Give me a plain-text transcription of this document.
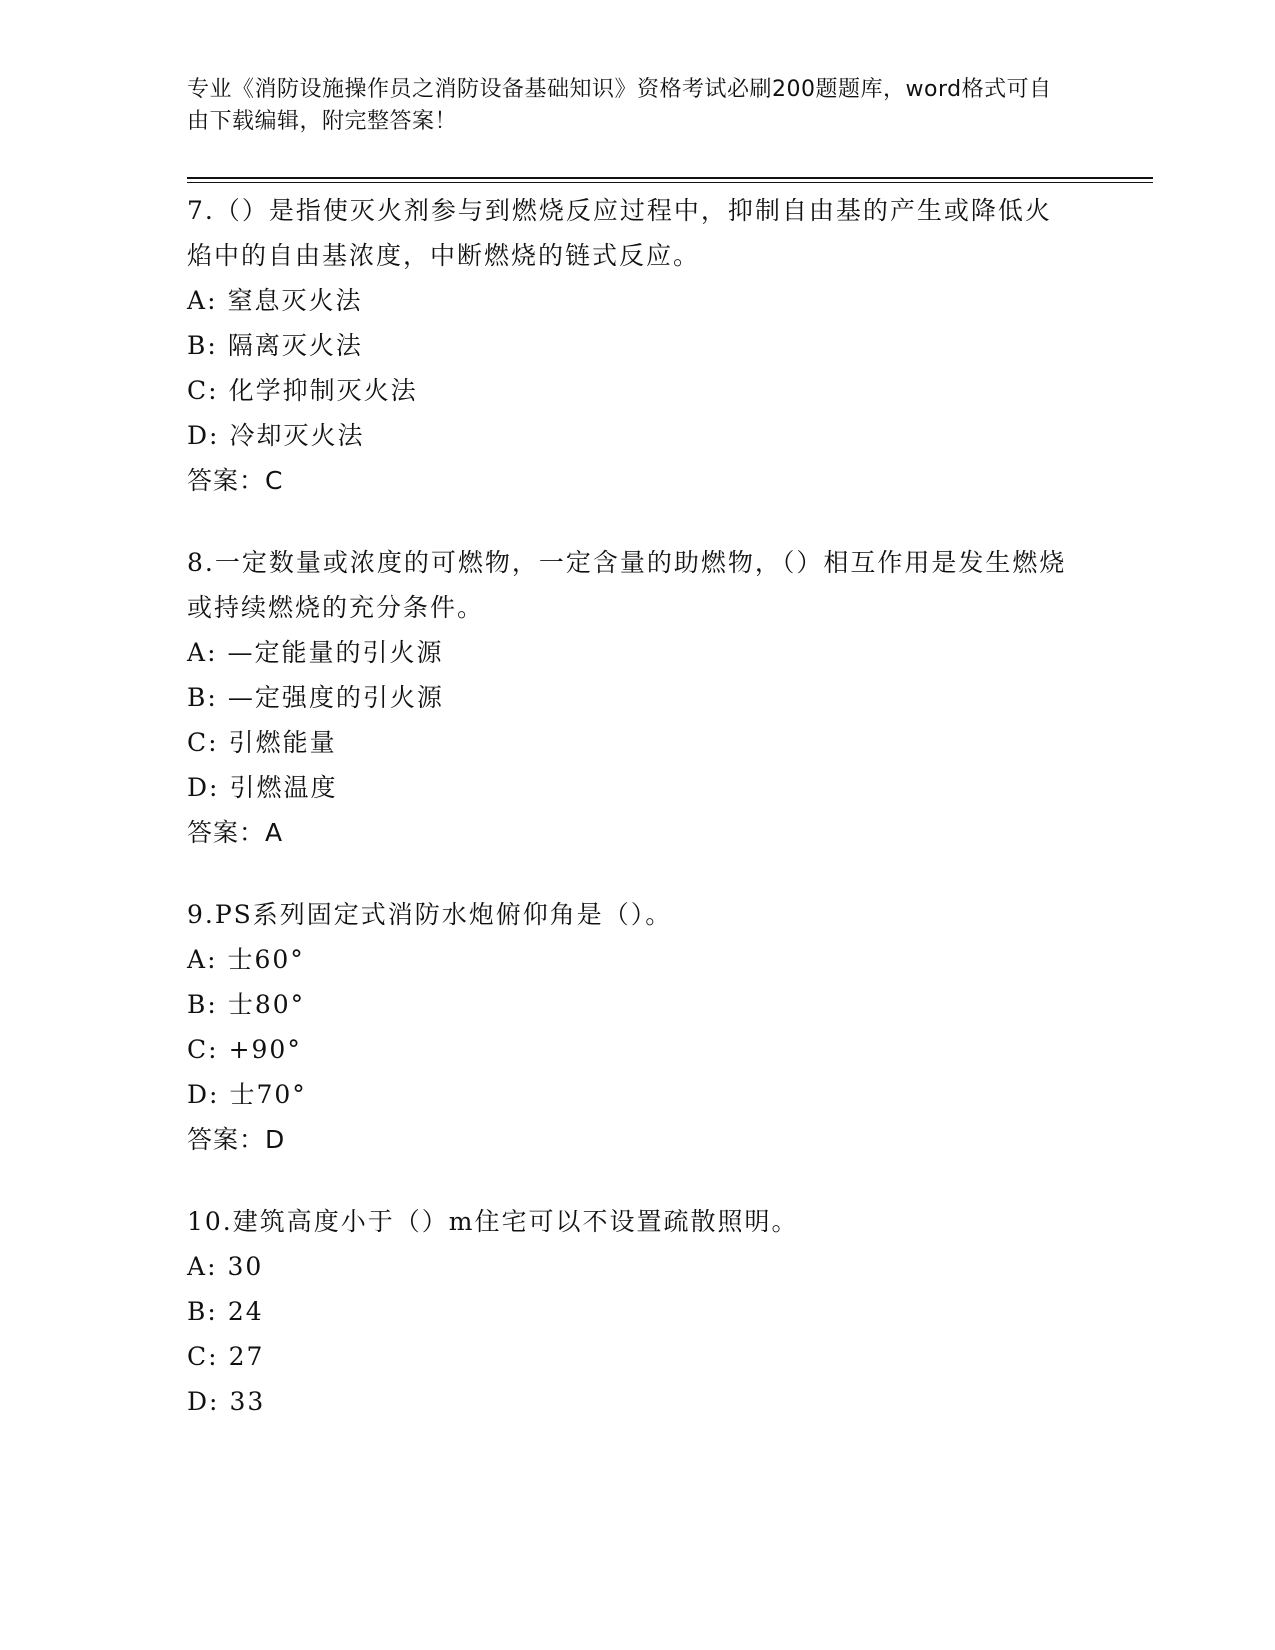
专业《消防设施操作员之消防设备基础知识》资格考试必刷200题题库，word格式可自由下载编辑，附完整答案！
7.（）是指使灭火剂参与到燃烧反应过程中，抑制自由基的产生或降低火焰中的自由基浓度，中断燃烧的链式反应。
A: 窒息灭火法
B: 隔离灭火法
C: 化学抑制灭火法
D: 冷却灭火法
答案：C
8.一定数量或浓度的可燃物，一定含量的助燃物，（）相互作用是发生燃烧或持续燃烧的充分条件。
A: —定能量的引火源
B: —定强度的引火源
C: 引燃能量
D: 引燃温度
答案：A
9.PS系列固定式消防水炮俯仰角是（）。
A: 士60°
B: 士80°
C: +90°
D: 士70°
答案：D
10.建筑高度小于（）m住宅可以不设置疏散照明。
A: 30
B: 24
C: 27
D: 33
